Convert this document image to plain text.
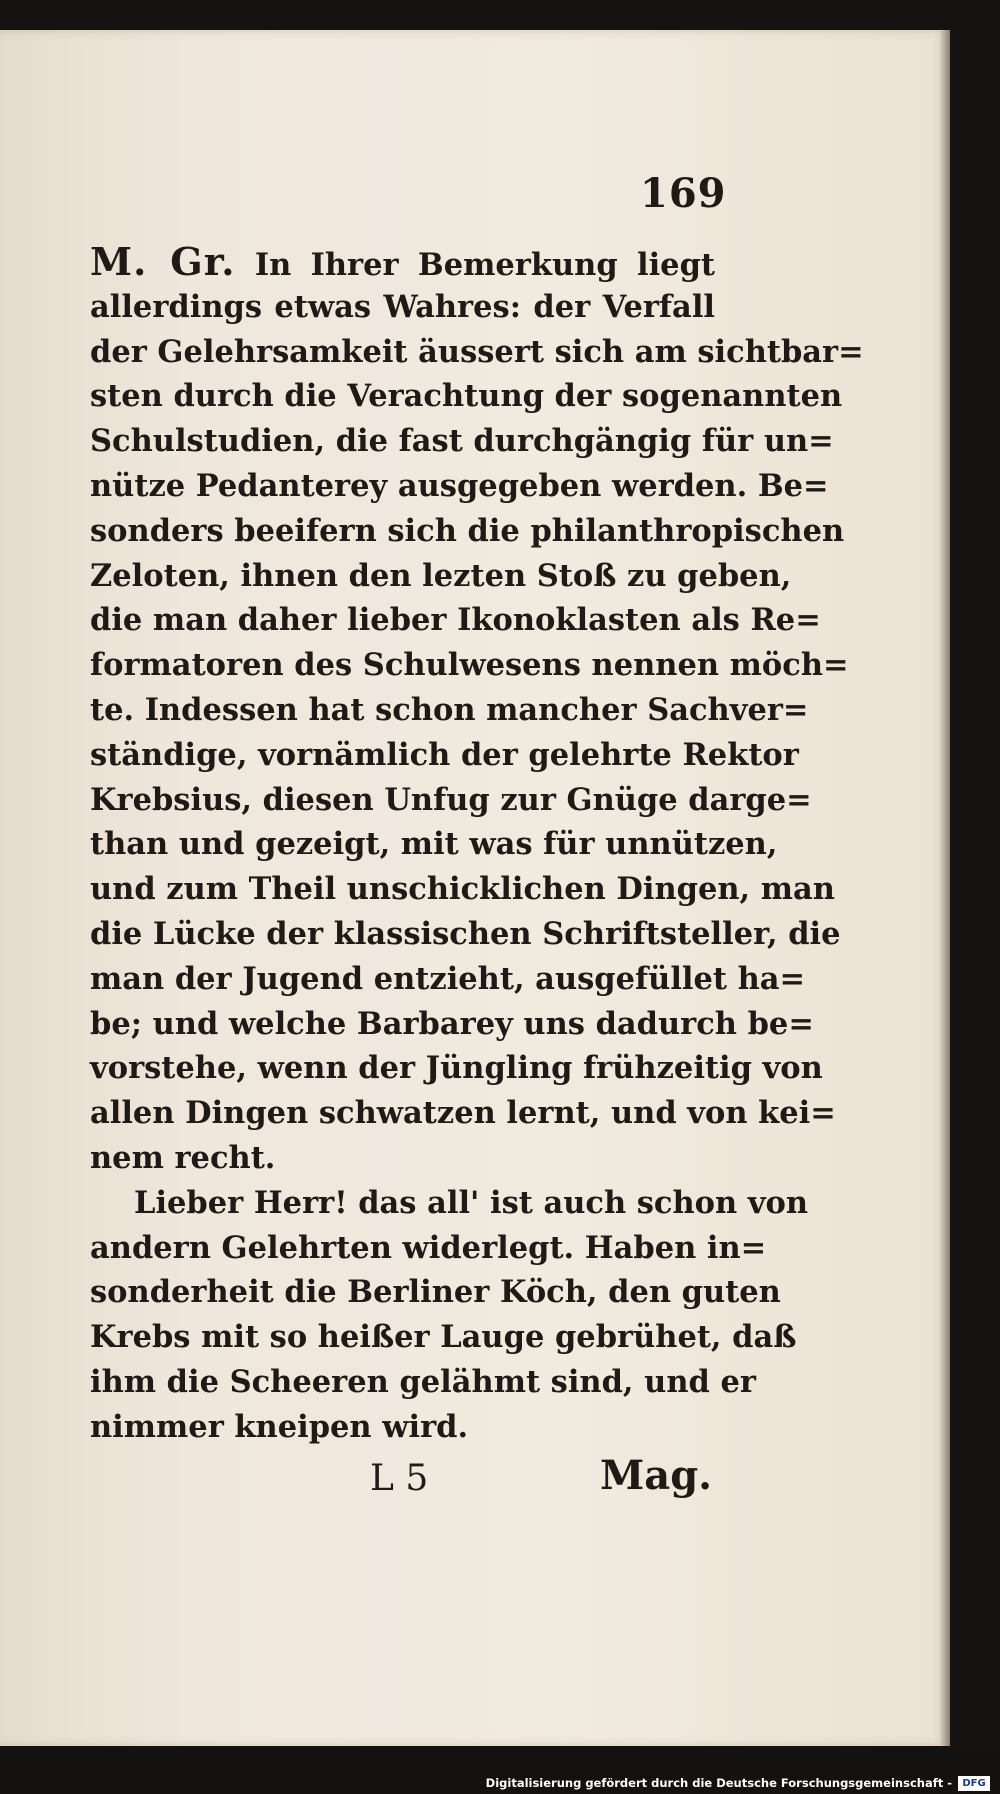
169
M. Gr. In Ihrer Bemerkung liegt
allerdings etwas Wahres: der Verfall
der Gelehrsamkeit äussert sich am sichtbar=
sten durch die Verachtung der sogenannten
Schulstudien, die fast durchgängig für un=
nütze Pedanterey ausgegeben werden. Be=
sonders beeifern sich die philanthropischen
Zeloten, ihnen den lezten Stoß zu geben,
die man daher lieber Ikonoklasten als Re=
formatoren des Schulwesens nennen möch=
te. Indessen hat schon mancher Sachver=
ständige, vornämlich der gelehrte Rektor
Krebsius, diesen Unfug zur Gnüge darge=
than und gezeigt, mit was für unnützen,
und zum Theil unschicklichen Dingen, man
die Lücke der klassischen Schriftsteller, die
man der Jugend entzieht, ausgefüllet ha=
be; und welche Barbarey uns dadurch be=
vorstehe, wenn der Jüngling frühzeitig von
allen Dingen schwatzen lernt, und von kei=
nem recht.
Lieber Herr! das all' ist auch schon von
andern Gelehrten widerlegt. Haben in=
sonderheit die Berliner Köch, den guten
Krebs mit so heißer Lauge gebrühet, daß
ihm die Scheeren gelähmt sind, und er
nimmer kneipen wird.
L 5	Mag.
Digitalisierung gefördert durch die Deutsche Forschungsgemeinschaft -	DFG
